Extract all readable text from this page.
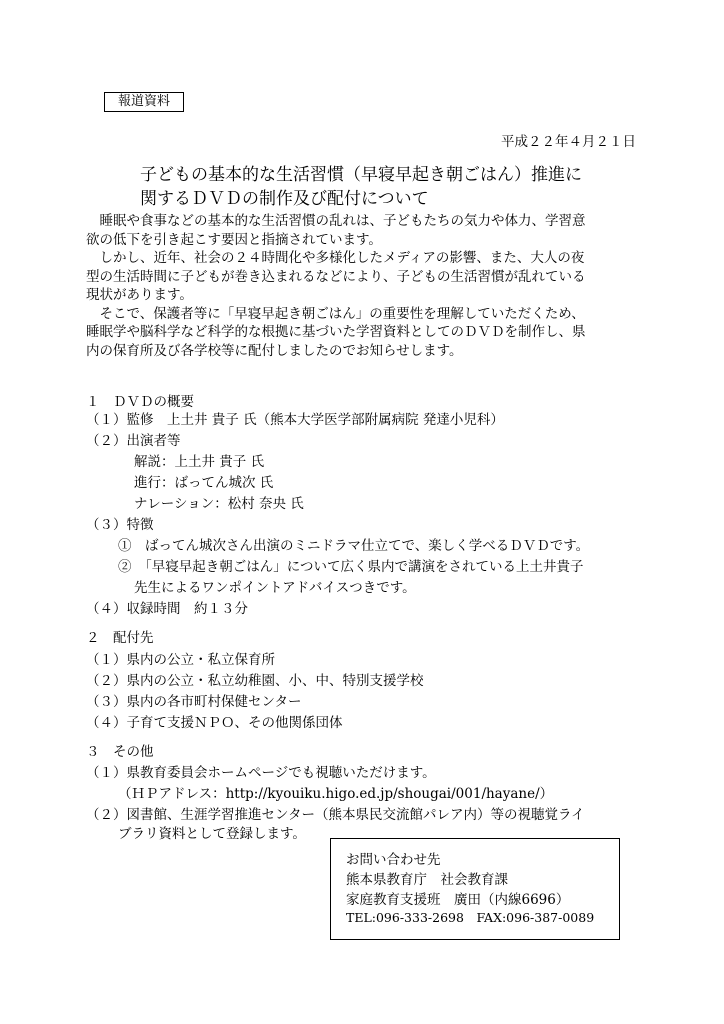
報道資料
平成２２年４月２１日
子どもの基本的な生活習慣（早寝早起き朝ごはん）推進に
関するＤＶＤの制作及び配付について
　睡眠や食事などの基本的な生活習慣の乱れは、子どもたちの気力や体力、学習意
欲の低下を引き起こす要因と指摘されています。
　しかし、近年、社会の２４時間化や多様化したメディアの影響、また、大人の夜
型の生活時間に子どもが巻き込まれるなどにより、子どもの生活習慣が乱れている
現状があります。
　そこで、保護者等に「早寝早起き朝ごはん」の重要性を理解していただくため、
睡眠学や脳科学など科学的な根拠に基づいた学習資料としてのＤＶＤを制作し、県
内の保育所及び各学校等に配付しましたのでお知らせします。
１　ＤＶＤの概要
（１）監修　上土井 貴子 氏（熊本大学医学部附属病院 発達小児科）
（２）出演者等
解説：上土井 貴子 氏
進行：ばってん城次 氏
ナレーション：松村 奈央 氏
（３）特徴
①　ばってん城次さん出演のミニドラマ仕立てで、楽しく学べるＤＶＤです。
②　「早寝早起き朝ごはん」について広く県内で講演をされている上土井貴子
先生によるワンポイントアドバイスつきです。
（４）収録時間　約１３分
２　配付先
（１）県内の公立・私立保育所
（２）県内の公立・私立幼稚園、小、中、特別支援学校
（３）県内の各市町村保健センター
（４）子育て支援ＮＰＯ、その他関係団体
３　その他
（１）県教育委員会ホームページでも視聴いただけます。
（ＨＰアドレス：http://kyouiku.higo.ed.jp/shougai/001/hayane/）
（２）図書館、生涯学習推進センター（熊本県民交流館パレア内）等の視聴覚ライ
ブラリ資料として登録します。
お問い合わせ先
熊本県教育庁　社会教育課
家庭教育支援班　廣田（内線6696）
TEL:096-333-2698　FAX:096-387-0089
